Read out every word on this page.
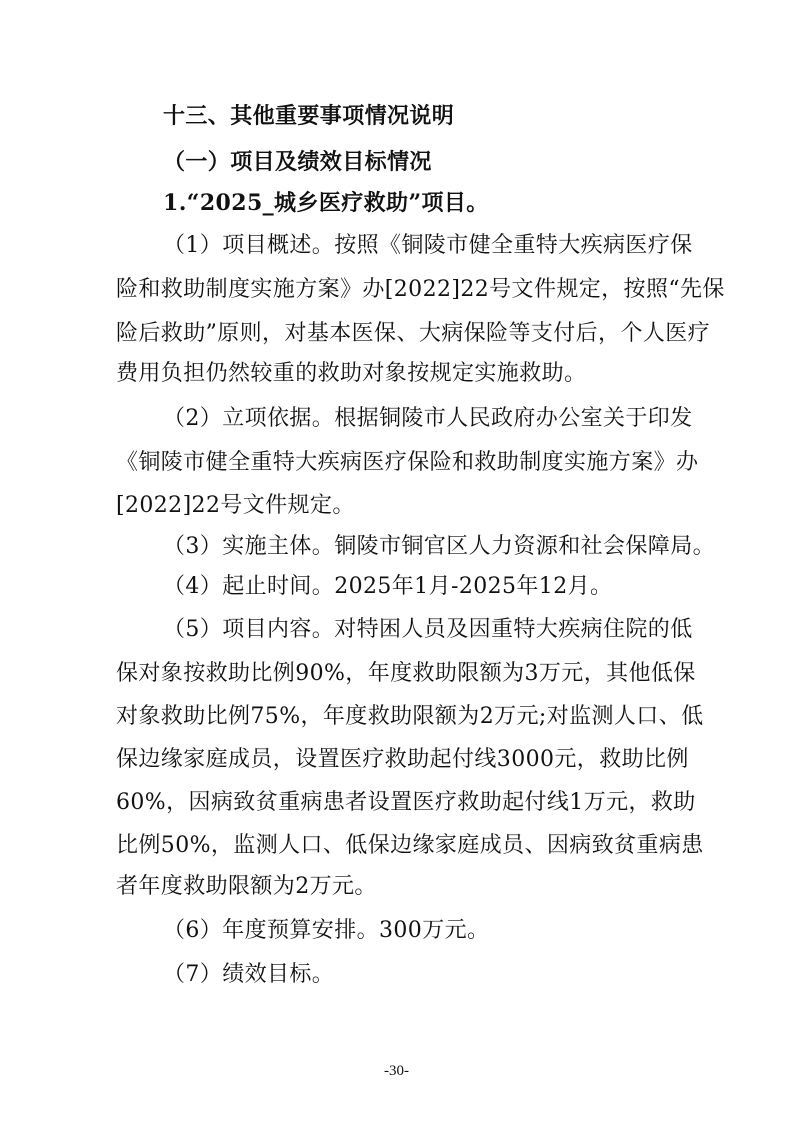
十三、其他重要事项情况说明
（一）项目及绩效目标情况
1.“2025_城乡医疗救助”项目。
（1）项目概述。按照《铜陵市健全重特大疾病医疗保
险和救助制度实施方案》办[2022]22号文件规定，按照“先保
险后救助”原则，对基本医保、大病保险等支付后，个人医疗
费用负担仍然较重的救助对象按规定实施救助。
（2）立项依据。根据铜陵市人民政府办公室关于印发
《铜陵市健全重特大疾病医疗保险和救助制度实施方案》办
[2022]22号文件规定。
（3）实施主体。铜陵市铜官区人力资源和社会保障局。
（4）起止时间。2025年1月-2025年12月。
（5）项目内容。对特困人员及因重特大疾病住院的低
保对象按救助比例90%，年度救助限额为3万元，其他低保
对象救助比例75%，年度救助限额为2万元;对监测人口、低
保边缘家庭成员，设置医疗救助起付线3000元，救助比例
60%，因病致贫重病患者设置医疗救助起付线1万元，救助
比例50%，监测人口、低保边缘家庭成员、因病致贫重病患
者年度救助限额为2万元。
（6）年度预算安排。300万元。
（7）绩效目标。
-30-
